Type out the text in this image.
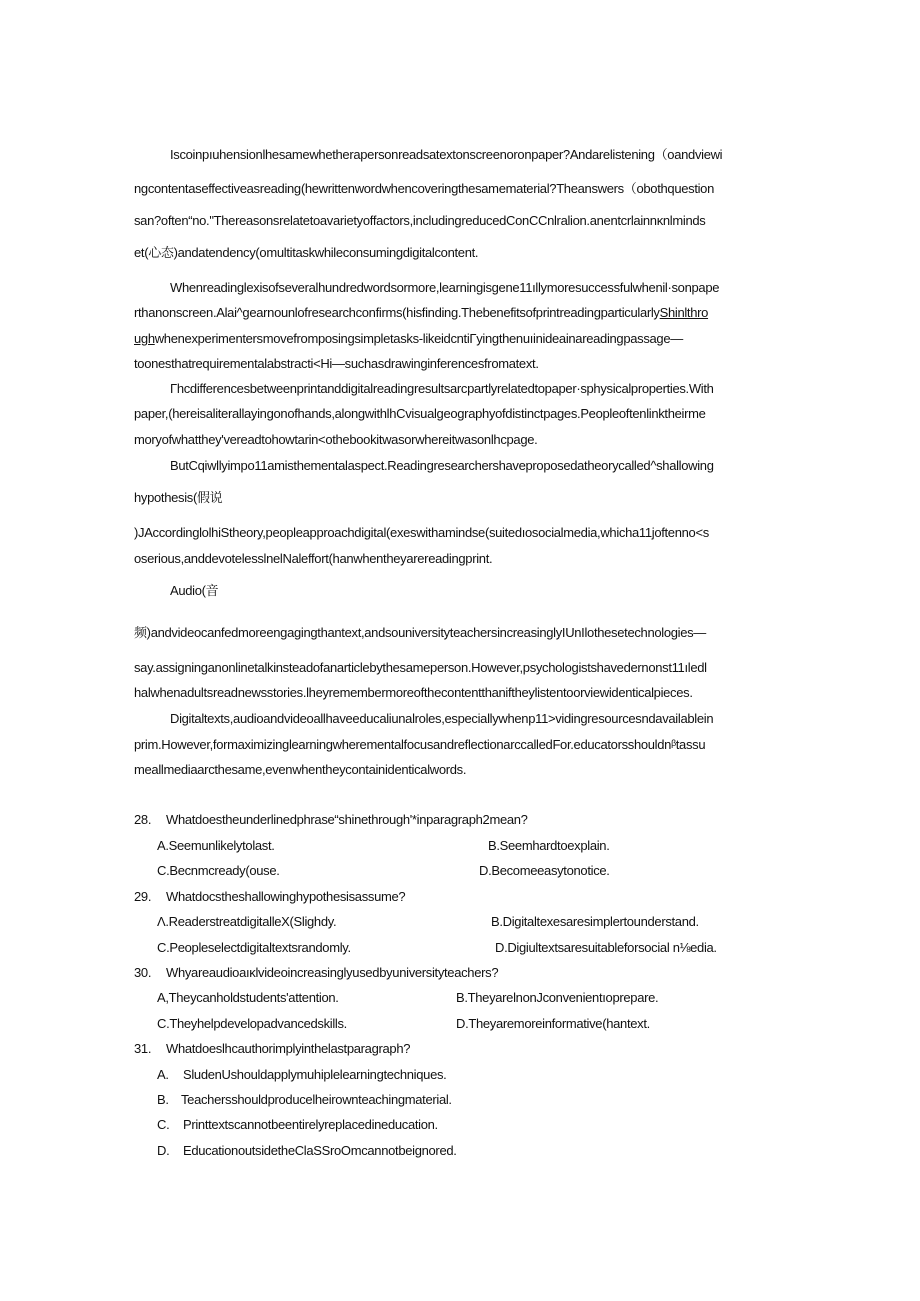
Iscoinpıuhensionlhesamewhetherapersonreadsatextonscreenoronpaper?Andarelistening（oandviewi
ngcontentaseffectiveasreading(hewrittenwordwhencoveringthesamematerial?Theanswers（obothquestion
san?often“no."Thereasonsrelatetoavarietyoffactors,includingreducedConCCnlralion.anentcrlainnκnlminds
et(心态)andatendency(omultitaskwhileconsumingdigitalcontent.
Whenreadinglexisofseveralhundredwordsormore,learningisgene11ıllymoresuccessfulwhenil·sonpape
rthanonscreen.Alai^gearnounlofresearchconfirms(hisfinding.ThebenefitsofprintreadingparticularlyShinlthro
ughwhenexperimentersmovefromposingsimpletasks-likeidcntiΓyingthenuıinideainareadingpassage—
toonesthatrequirementalabstracti<Hi—suchasdrawinginferencesfromatext.
Γhcdifferencesbetweenprintanddigitalreadingresultsarcpartlyrelatedtopaper·sphysicalproperties.With
paper,(hereisaliterallayingonofhands,alongwithlhCvisualgeographyofdistinctpages.Peopleoftenlinktheirme
moryofwhatthey'vereadtohowtarin<othebookitwasorwhereitwasonlhcpage.
ButCqiwllyimpo11amisthementalaspect.Readingresearchershaveproposedatheorycalled^shallowing
hypothesis(假说
)JAccordinglolhiStheory,peopleapproachdigital(exeswithamindse(suitedıosocialmedia,whicha11joftenno<s
oserious,anddevotelesslnelNaleffort(hanwhentheyarereadingprint.
Audio(音
频)andvideocanfedmoreengagingthantext,andsouniversityteachersincreasinglyIUnIlothesetechnologies—
say.assigninganonlinetalkinsteadofanarticlebythesameperson.However,psychologistshavedernonst11ıledl
halwhenadultsreadnewsstories.lheyremembermoreofthecontentthaniftheylistentoorviewidenticalpieces.
Digitaltexts,audioandvideoallhaveeducaliunalroles,especiallywhenp11>vidingresourcesndavailablein
prim.However,formaximizinglearningwherementalfocusandreflectionarccalledFor.educatorsshouldnᵝtassu
meallmediaarcthesame,evenwhentheycontainidenticalwords.
28. Whatdoestheunderlinedphrase“shinethrough'*inparagraph2mean?
A.Seemunlikelytolast.	B.Seemhardtoexplain.
C.Becnmcready(ouse.	D.Becomeeasytonotice.
29. Whatdocstheshallowinghypothesisassume?
Λ.ReaderstreatdigitalleX(Slighdy.	B.Digitaltexesaresimplertounderstand.
C.Peopleselectdigitaltextsrandomly.	D.Digiultextsaresuitableforsocial n⅛edia.
30. Whyareaudioaıκlvideoincreasinglyusedbyuniversityteachers?
A,Theycanholdstudents'attention.	B.TheyarelnonJconvenientıoprepare.
C.Theyhelpdevelopadvancedskills.	D.Theyaremoreinformative(hantext.
31. Whatdoeslhcauthorimplyinthelastparagraph?
A. SludenUshouldapplymuhiplelearningtechniques.
B. Teachersshouldproducelheirownteachingmaterial.
C. Printtextscannotbeentirelyreplacedineducation.
D. EducationoutsidetheClaSSroOmcannotbeignored.
